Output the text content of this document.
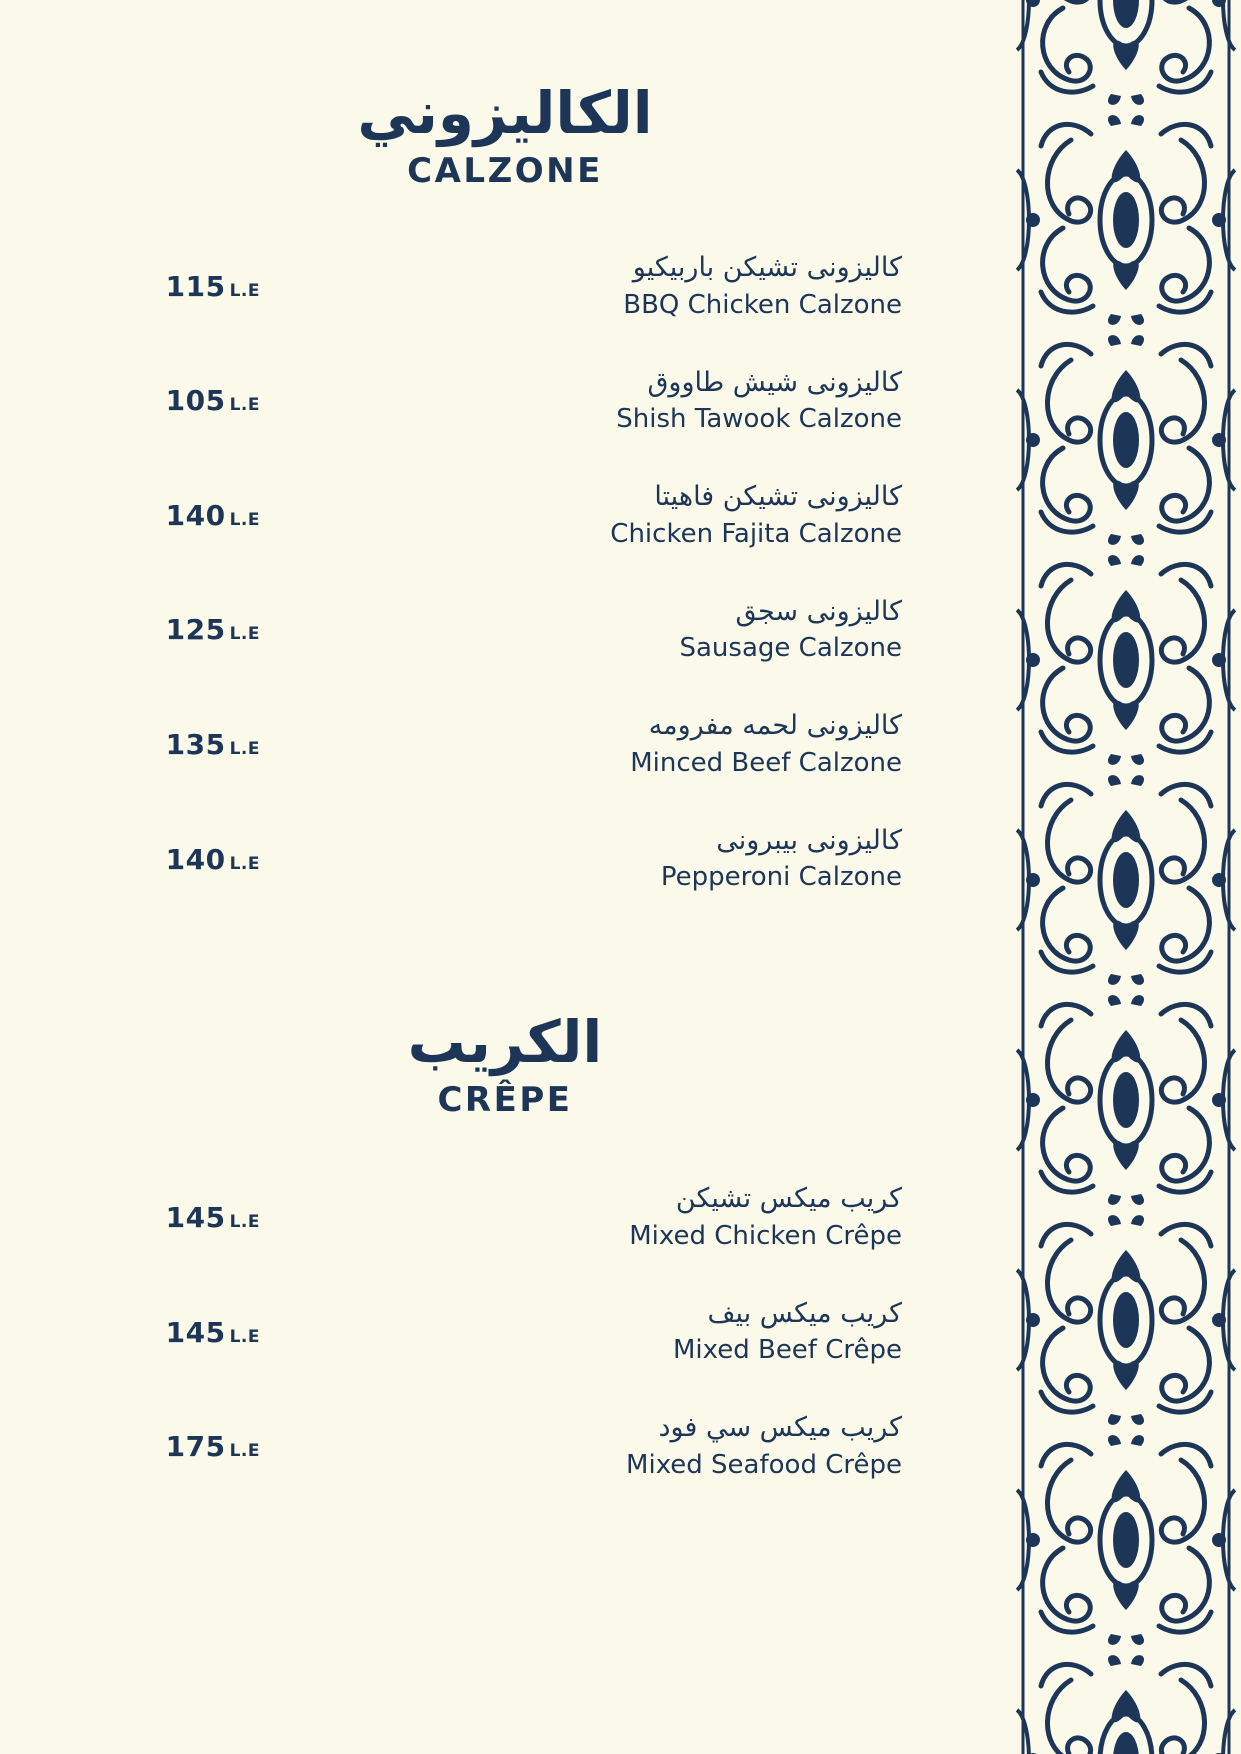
الكاليزوني
CALZONE
115 L.E
كاليزونى تشيكن باربيكيو
BBQ Chicken Calzone
105 L.E
كاليزونى شيش طاووق
Shish Tawook Calzone
140 L.E
كاليزونى تشيكن فاهيتا
Chicken Fajita Calzone
125 L.E
كاليزونى سجق
Sausage Calzone
135 L.E
كاليزونى لحمه مفرومه
Minced Beef Calzone
140 L.E
كاليزونى بيبرونى
Pepperoni Calzone
الكريب
CRÊPE
145 L.E
كريب ميكس تشيكن
Mixed Chicken Crêpe
145 L.E
كريب ميكس بيف
Mixed Beef Crêpe
175 L.E
كريب ميكس سي فود
Mixed Seafood Crêpe
